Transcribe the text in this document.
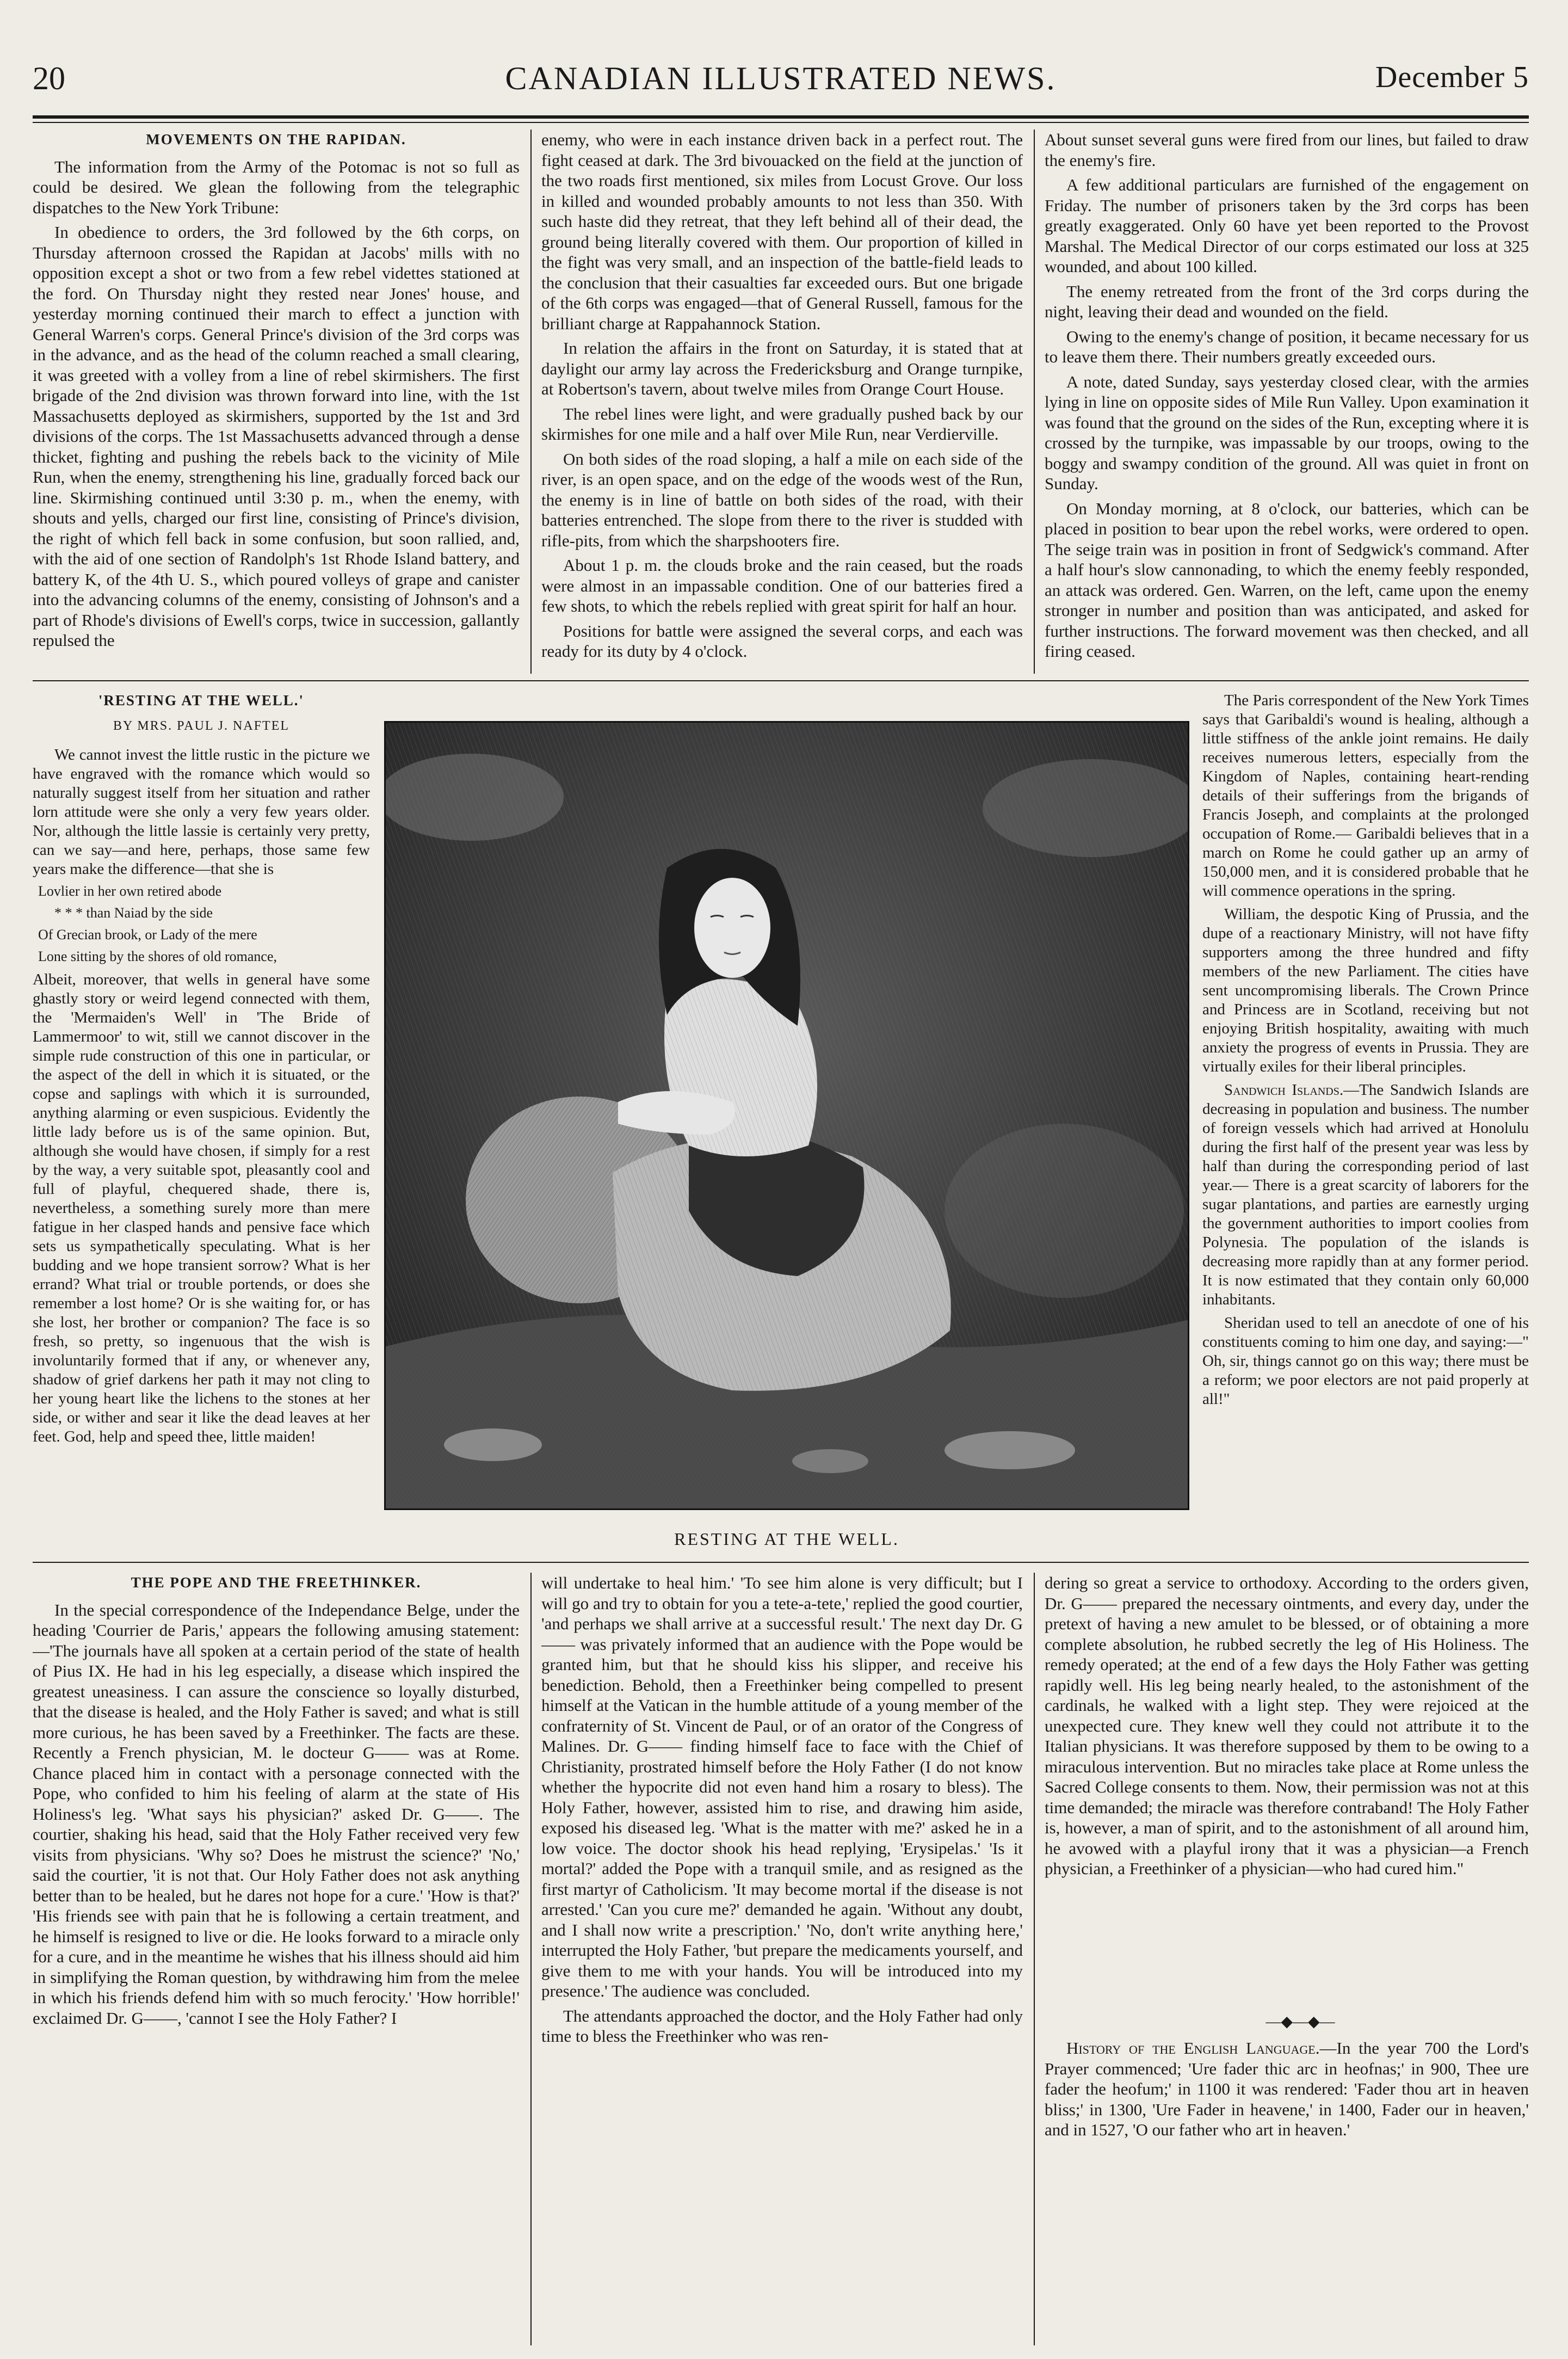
20	CANADIAN ILLUSTRATED NEWS.	December 5

MOVEMENTS ON THE RAPIDAN.

The information from the Army of the Potomac is not so full as could be desired. We glean the following from the telegraphic dispatches to the New York Tribune:

In obedience to orders, the 3rd followed by the 6th corps, on Thursday afternoon crossed the Rapidan at Jacobs' mills with no opposition except a shot or two from a few rebel videttes stationed at the ford. On Thursday night they rested near Jones' house, and yesterday morning continued their march to effect a junction with General Warren's corps. General Prince's division of the 3rd corps was in the advance, and as the head of the column reached a small clearing, it was greeted with a volley from a line of rebel skirmishers. The first brigade of the 2nd division was thrown forward into line, with the 1st Massachusetts deployed as skirmishers, supported by the 1st and 3rd divisions of the corps. The 1st Massachusetts advanced through a dense thicket, fighting and pushing the rebels back to the vicinity of Mile Run, when the enemy, strengthening his line, gradually forced back our line. Skirmishing continued until 3:30 p. m., when the enemy, with shouts and yells, charged our first line, consisting of Prince's division, the right of which fell back in some confusion, but soon rallied, and, with the aid of one section of Randolph's 1st Rhode Island battery, and battery K, of the 4th U. S., which poured volleys of grape and canister into the advancing columns of the enemy, consisting of Johnson's and a part of Rhode's divisions of Ewell's corps, twice in succession, gallantly repulsed the

enemy, who were in each instance driven back in a perfect rout. The fight ceased at dark. The 3rd bivouacked on the field at the junction of the two roads first mentioned, six miles from Locust Grove. Our loss in killed and wounded probably amounts to not less than 350. With such haste did they retreat, that they left behind all of their dead, the ground being literally covered with them. Our proportion of killed in the fight was very small, and an inspection of the battle-field leads to the conclusion that their casualties far exceeded ours. But one brigade of the 6th corps was engaged—that of General Russell, famous for the brilliant charge at Rappahannock Station.

In relation the affairs in the front on Saturday, it is stated that at daylight our army lay across the Fredericksburg and Orange turnpike, at Robertson's tavern, about twelve miles from Orange Court House.

The rebel lines were light, and were gradually pushed back by our skirmishes for one mile and a half over Mile Run, near Verdierville.

On both sides of the road sloping, a half a mile on each side of the river, is an open space, and on the edge of the woods west of the Run, the enemy is in line of battle on both sides of the road, with their batteries entrenched. The slope from there to the river is studded with rifle-pits, from which the sharpshooters fire.

About 1 p. m. the clouds broke and the rain ceased, but the roads were almost in an impassable condition. One of our batteries fired a few shots, to which the rebels replied with great spirit for half an hour.

Positions for battle were assigned the several corps, and each was ready for its duty by 4 o'clock.

About sunset several guns were fired from our lines, but failed to draw the enemy's fire.

A few additional particulars are furnished of the engagement on Friday. The number of prisoners taken by the 3rd corps has been greatly exaggerated. Only 60 have yet been reported to the Provost Marshal. The Medical Director of our corps estimated our loss at 325 wounded, and about 100 killed.

The enemy retreated from the front of the 3rd corps during the night, leaving their dead and wounded on the field.

Owing to the enemy's change of position, it became necessary for us to leave them there. Their numbers greatly exceeded ours.

A note, dated Sunday, says yesterday closed clear, with the armies lying in line on opposite sides of Mile Run Valley. Upon examination it was found that the ground on the sides of the Run, excepting where it is crossed by the turnpike, was impassable by our troops, owing to the boggy and swampy condition of the ground. All was quiet in front on Sunday.

On Monday morning, at 8 o'clock, our batteries, which can be placed in position to bear upon the rebel works, were ordered to open. The seige train was in position in front of Sedgwick's command. After a half hour's slow cannonading, to which the enemy feebly responded, an attack was ordered. Gen. Warren, on the left, came upon the enemy stronger in number and position than was anticipated, and asked for further instructions. The forward movement was then checked, and all firing ceased.

'RESTING AT THE WELL.'

BY MRS. PAUL J. NAFTEL

We cannot invest the little rustic in the picture we have engraved with the romance which would so naturally suggest itself from her situation and rather lorn attitude were she only a very few years older. Nor, although the little lassie is certainly very pretty, can we say—and here, perhaps, those same few years make the difference—that she is

Lovlier in her own retired abode

* * * than Naiad by the side

Of Grecian brook, or Lady of the mere

Lone sitting by the shores of old romance,

Albeit, moreover, that wells in general have some ghastly story or weird legend connected with them, the 'Mermaiden's Well' in 'The Bride of Lammermoor' to wit, still we cannot discover in the simple rude construction of this one in particular, or the aspect of the dell in which it is situated, or the copse and saplings with which it is surrounded, anything alarming or even suspicious. Evidently the little lady before us is of the same opinion. But, although she would have chosen, if simply for a rest by the way, a very suitable spot, pleasantly cool and full of playful, chequered shade, there is, nevertheless, a something surely more than mere fatigue in her clasped hands and pensive face which sets us sympathetically speculating. What is her budding and we hope transient sorrow? What is her errand? What trial or trouble portends, or does she remember a lost home? Or is she waiting for, or has she lost, her brother or companion? The face is so fresh, so pretty, so ingenuous that the wish is involuntarily formed that if any, or whenever any, shadow of grief darkens her path it may not cling to her young heart like the lichens to the stones at her side, or wither and sear it like the dead leaves at her feet. God, help and speed thee, little maiden!

RESTING AT THE WELL.

The Paris correspondent of the New York Times says that Garibaldi's wound is healing, although a little stiffness of the ankle joint remains. He daily receives numerous letters, especially from the Kingdom of Naples, containing heart-rending details of their sufferings from the brigands of Francis Joseph, and complaints at the prolonged occupation of Rome.— Garibaldi believes that in a march on Rome he could gather up an army of 150,000 men, and it is considered probable that he will commence operations in the spring.

William, the despotic King of Prussia, and the dupe of a reactionary Ministry, will not have fifty supporters among the three hundred and fifty members of the new Parliament. The cities have sent uncompromising liberals. The Crown Prince and Princess are in Scotland, receiving but not enjoying British hospitality, awaiting with much anxiety the progress of events in Prussia. They are virtually exiles for their liberal principles.

Sandwich Islands.—The Sandwich Islands are decreasing in population and business. The number of foreign vessels which had arrived at Honolulu during the first half of the present year was less by half than during the corresponding period of last year.— There is a great scarcity of laborers for the sugar plantations, and parties are earnestly urging the government authorities to import coolies from Polynesia. The population of the islands is decreasing more rapidly than at any former period. It is now estimated that they contain only 60,000 inhabitants.

Sheridan used to tell an anecdote of one of his constituents coming to him one day, and saying:—" Oh, sir, things cannot go on this way; there must be a reform; we poor electors are not paid properly at all!"

THE POPE AND THE FREETHINKER.

In the special correspondence of the Independance Belge, under the heading 'Courrier de Paris,' appears the following amusing statement:—'The journals have all spoken at a certain period of the state of health of Pius IX. He had in his leg especially, a disease which inspired the greatest uneasiness. I can assure the conscience so loyally disturbed, that the disease is healed, and the Holy Father is saved; and what is still more curious, he has been saved by a Freethinker. The facts are these. Recently a French physician, M. le docteur G—— was at Rome. Chance placed him in contact with a personage connected with the Pope, who confided to him his feeling of alarm at the state of His Holiness's leg. 'What says his physician?' asked Dr. G——. The courtier, shaking his head, said that the Holy Father received very few visits from physicians. 'Why so? Does he mistrust the science?' 'No,' said the courtier, 'it is not that. Our Holy Father does not ask anything better than to be healed, but he dares not hope for a cure.' 'How is that?' 'His friends see with pain that he is following a certain treatment, and he himself is resigned to live or die. He looks forward to a miracle only for a cure, and in the meantime he wishes that his illness should aid him in simplifying the Roman question, by withdrawing him from the melee in which his friends defend him with so much ferocity.' 'How horrible!' exclaimed Dr. G——, 'cannot I see the Holy Father? I

will undertake to heal him.' 'To see him alone is very difficult; but I will go and try to obtain for you a tete-a-tete,' replied the good courtier, 'and perhaps we shall arrive at a successful result.' The next day Dr. G—— was privately informed that an audience with the Pope would be granted him, but that he should kiss his slipper, and receive his benediction. Behold, then a Freethinker being compelled to present himself at the Vatican in the humble attitude of a young member of the confraternity of St. Vincent de Paul, or of an orator of the Congress of Malines. Dr. G—— finding himself face to face with the Chief of Christianity, prostrated himself before the Holy Father (I do not know whether the hypocrite did not even hand him a rosary to bless). The Holy Father, however, assisted him to rise, and drawing him aside, exposed his diseased leg. 'What is the matter with me?' asked he in a low voice. The doctor shook his head replying, 'Erysipelas.' 'Is it mortal?' added the Pope with a tranquil smile, and as resigned as the first martyr of Catholicism. 'It may become mortal if the disease is not arrested.' 'Can you cure me?' demanded he again. 'Without any doubt, and I shall now write a prescription.' 'No, don't write anything here,' interrupted the Holy Father, 'but prepare the medicaments yourself, and give them to me with your hands. You will be introduced into my presence.' The audience was concluded.

The attendants approached the doctor, and the Holy Father had only time to bless the Freethinker who was ren-

dering so great a service to orthodoxy. According to the orders given, Dr. G—— prepared the necessary ointments, and every day, under the pretext of having a new amulet to be blessed, or of obtaining a more complete absolution, he rubbed secretly the leg of His Holiness. The remedy operated; at the end of a few days the Holy Father was getting rapidly well. His leg being nearly healed, to the astonishment of the cardinals, he walked with a light step. They were rejoiced at the unexpected cure. They knew well they could not attribute it to the Italian physicians. It was therefore supposed by them to be owing to a miraculous intervention. But no miracles take place at Rome unless the Sacred College consents to them. Now, their permission was not at this time demanded; the miracle was therefore contraband! The Holy Father is, however, a man of spirit, and to the astonishment of all around him, he avowed with a playful irony that it was a physician—a French physician, a Freethinker of a physician—who had cured him."

—◆—◆—

History of the English Language.—In the year 700 the Lord's Prayer commenced; 'Ure fader thic arc in heofnas;' in 900, Thee ure fader the heofum;' in 1100 it was rendered: 'Fader thou art in heaven bliss;' in 1300, 'Ure Fader in heavene,' in 1400, Fader our in heaven,' and in 1527, 'O our father who art in heaven.'
